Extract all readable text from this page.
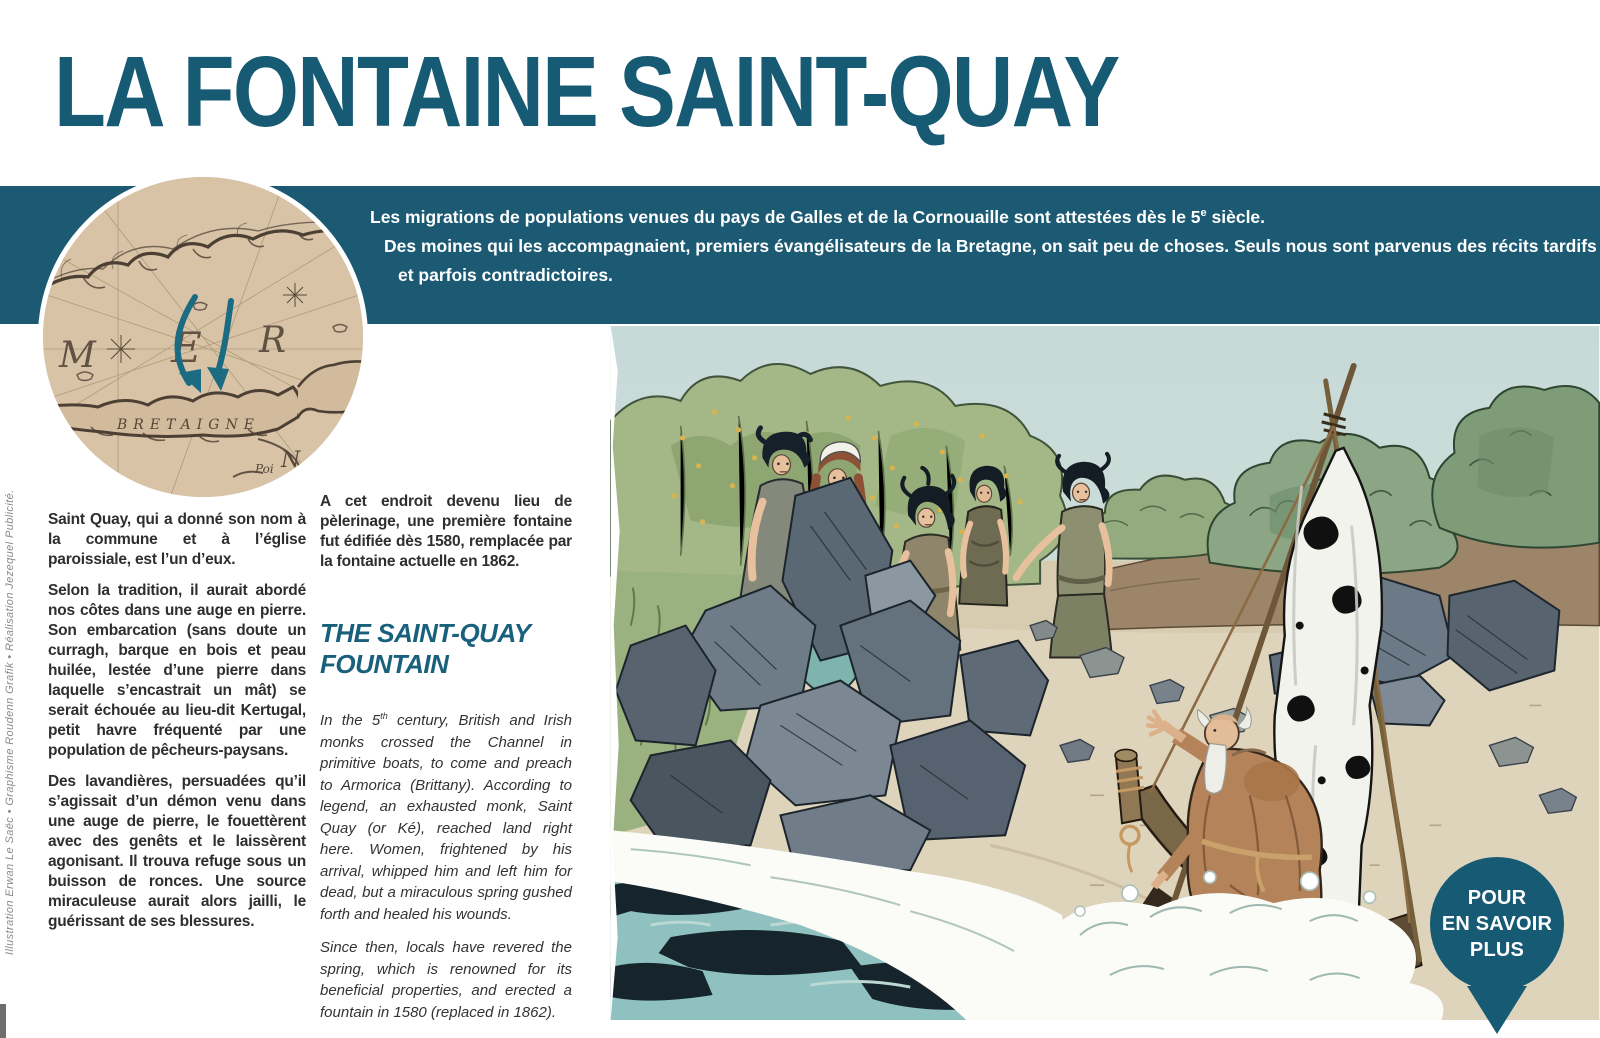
LA FONTAINE SAINT-QUAY
Les migrations de populations venues du pays de Galles et de la Cornouaille sont attestées dès le 5e siècle.
Des moines qui les accompagnaient, premiers évangélisateurs de la Bretagne, on sait peu de choses. Seuls nous sont parvenus des récits tardifs
et parfois contradictoires.
M E R
BRETAIGNE
Poi N
Illustration Erwan Le Saëc • Graphisme Roudenn Grafik • Réalisation Jezequel Publicité. Saint Quay, qui a donné son nom à la commune et à l’église paroissiale, est l’un d’eux.

Selon la tradition, il aurait abordé nos côtes dans une auge en pierre. Son embarcation (sans doute un curragh, barque en bois et peau huilée, lestée d’une pierre dans laquelle s’encastrait un mât) se serait échouée au lieu-dit Kertugal, petit havre fréquenté par une population de pêcheurs-paysans.

Des lavandières, persuadées qu’il s’agissait d’un démon venu dans une auge de pierre, le fouettèrent avec des genêts et le laissèrent agonisant. Il trouva refuge sous un buisson de ronces. Une source miraculeuse aurait alors jailli, le guérissant de ses blessures.

A cet endroit devenu lieu de pèlerinage, une première fontaine fut édifiée dès 1580, remplacée par la fontaine actuelle en 1862.

THE SAINT-QUAY FOUNTAIN

In the 5th century, British and Irish monks crossed the Channel in primitive boats, to come and preach to Armorica (Brittany). According to legend, an exhausted monk, Saint Quay (or Ké), reached land right here. Women, frightened by his arrival, whipped him and left him for dead, but a miraculous spring gushed forth and healed his wounds.

Since then, locals have revered the spring, which is renowned for its beneficial properties, and erected a fountain in 1580 (replaced in 1862).

POUR
EN SAVOIR
PLUS
